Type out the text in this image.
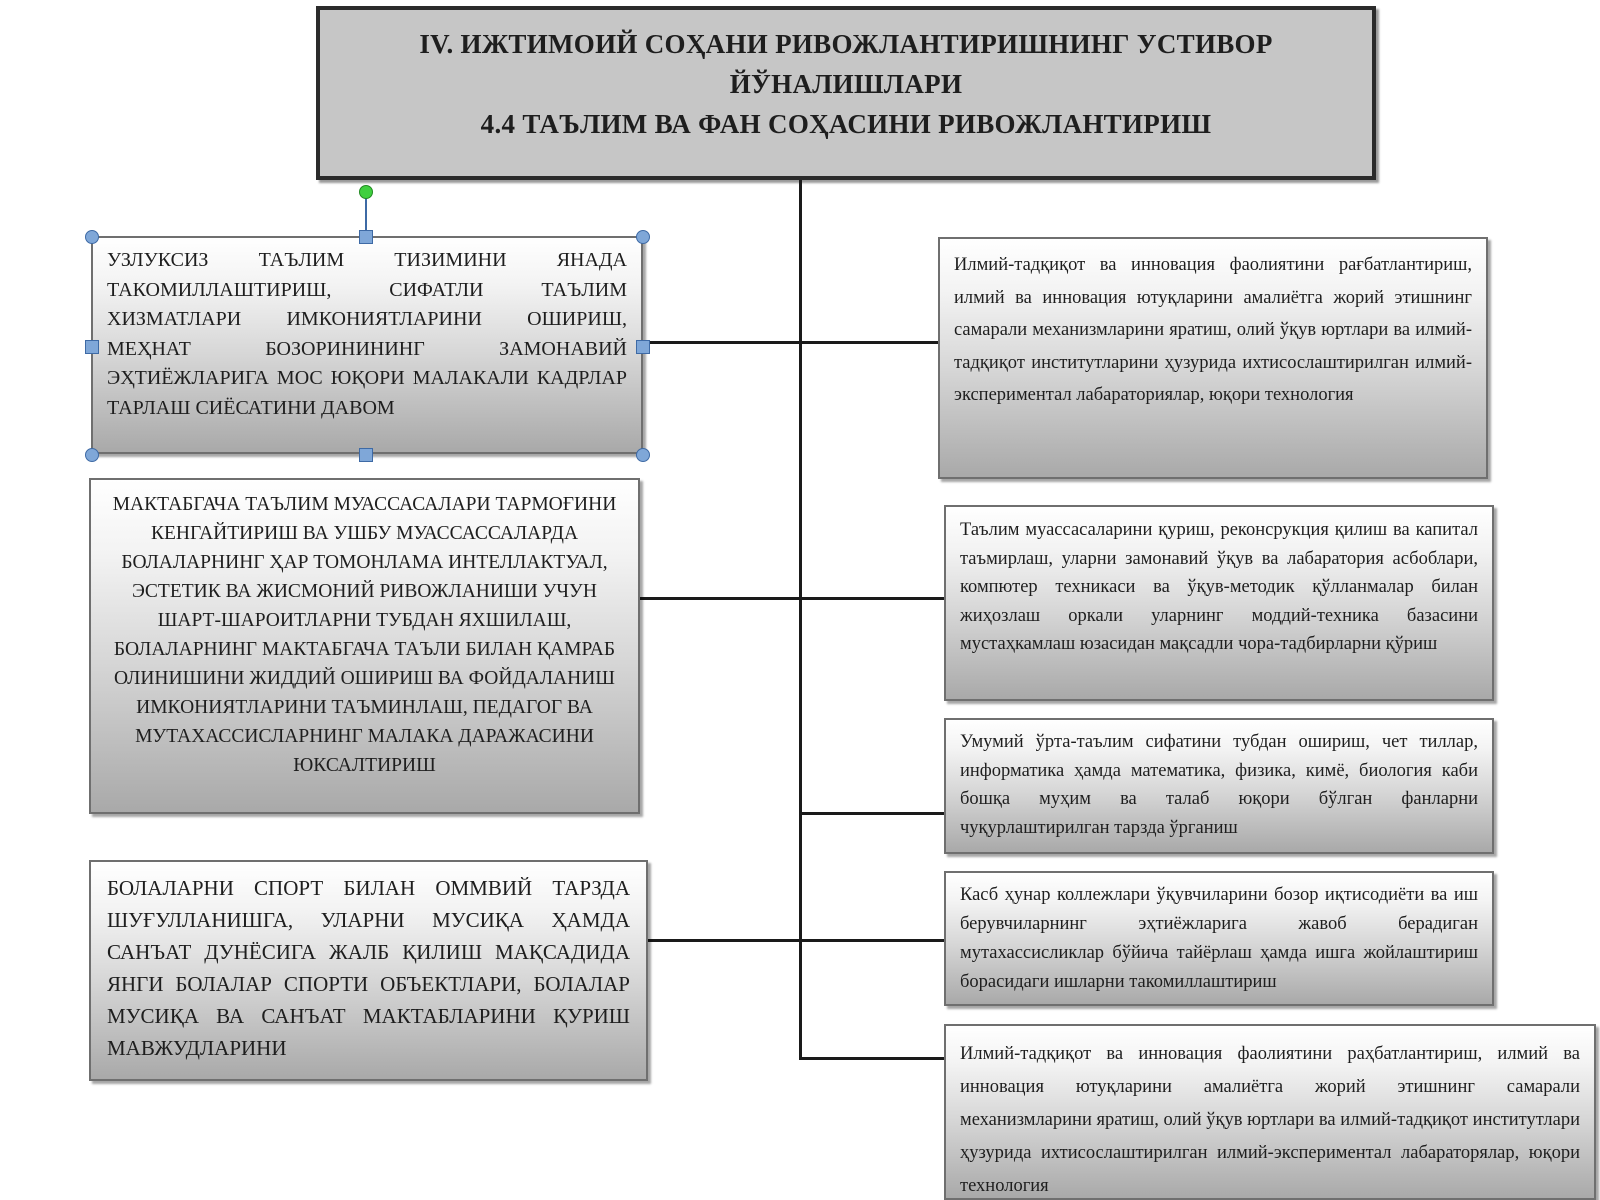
IV. ИЖТИМОИЙ СОҲАНИ РИВОЖЛАНТИРИШНИНГ УСТИВОР
ЙЎНАЛИШЛАРИ
4.4 ТАЪЛИМ ВА ФАН СОҲАСИНИ РИВОЖЛАНТИРИШ

УЗЛУКСИЗ ТАЪЛИМ ТИЗИМИНИ ЯНАДА ТАКОМИЛЛАШТИРИШ, СИФАТЛИ ТАЪЛИМ ХИЗМАТЛАРИ ИМКОНИЯТЛАРИНИ ОШИРИШ, МЕҲНАТ БОЗОРИНИНИНГ ЗАМОНАВИЙ ЭҲТИЁЖЛАРИГА МОС ЮҚОРИ МАЛАКАЛИ КАДРЛАР ТАРЛАШ СИЁСАТИНИ ДАВОМ

МАКТАБГАЧА ТАЪЛИМ МУАССАСАЛАРИ ТАРМОҒИНИ КЕНГАЙТИРИШ ВА УШБУ МУАССАССАЛАРДА БОЛАЛАРНИНГ ҲАР ТОМОНЛАМА ИНТЕЛЛАКТУАЛ, ЭСТЕТИК ВА ЖИСМОНИЙ РИВОЖЛАНИШИ УЧУН ШАРТ-ШАРОИТЛАРНИ ТУБДАН ЯХШИЛАШ, БОЛАЛАРНИНГ МАКТАБГАЧА ТАЪЛИ БИЛАН ҚАМРАБ ОЛИНИШИНИ ЖИДДИЙ ОШИРИШ ВА ФОЙДАЛАНИШ ИМКОНИЯТЛАРИНИ ТАЪМИНЛАШ, ПЕДАГОГ ВА МУТАХАССИСЛАРНИНГ МАЛАКА ДАРАЖАСИНИ ЮКСАЛТИРИШ

БОЛАЛАРНИ СПОРТ БИЛАН ОММВИЙ ТАРЗДА ШУҒУЛЛАНИШГА, УЛАРНИ МУСИҚА ҲАМДА САНЪАТ ДУНЁСИГА ЖАЛБ ҚИЛИШ МАҚСАДИДА ЯНГИ БОЛАЛАР СПОРТИ ОБЪЕКТЛАРИ, БОЛАЛАР МУСИҚА ВА САНЪАТ МАКТАБЛАРИНИ ҚУРИШ МАВЖУДЛАРИНИ

Илмий-тадқиқот ва инновация фаолиятини рағбатлантириш, илмий ва инновация ютуқларини амалиётга жорий этишнинг самарали механизмларини яратиш, олий ўқув юртлари ва илмий-тадқиқот институтларини ҳузурида ихтисослаштирилган илмий-экспериментал лабараториялар, юқори технология

Таълим муассасаларини қуриш, реконсрукция қилиш ва капитал таъмирлаш, уларни замонавий ўқув ва лабаратория асбоблари, компютер техникаси ва ўқув-методик қўлланмалар билан жиҳозлаш оркали уларнинг моддий-техника базасини мустаҳкамлаш юзасидан мақсадли чора-тадбирларни қўриш

Умумий ўрта-таълим сифатини тубдан ошириш, чет тиллар, информатика ҳамда математика, физика, кимё, биология каби бошқа муҳим ва талаб юқори бўлган фанларни чуқурлаштирилган тарзда ўрганиш

Касб ҳунар коллежлари ўқувчиларини бозор иқтисодиёти ва иш берувчиларнинг эҳтиёжларига жавоб берадиган мутахассисликлар бўйича тайёрлаш ҳамда ишга жойлаштириш борасидаги ишларни такомиллаштириш

Илмий-тадқиқот ва инновация фаолиятини раҳбатлантириш, илмий ва инновация ютуқларини амалиётга жорий этишнинг самарали механизмларини яратиш, олий ўқув юртлари ва илмий-тадқиқот институтлари ҳузурида ихтисослаштирилган илмий-экспериментал лабараторялар, юқори технология
